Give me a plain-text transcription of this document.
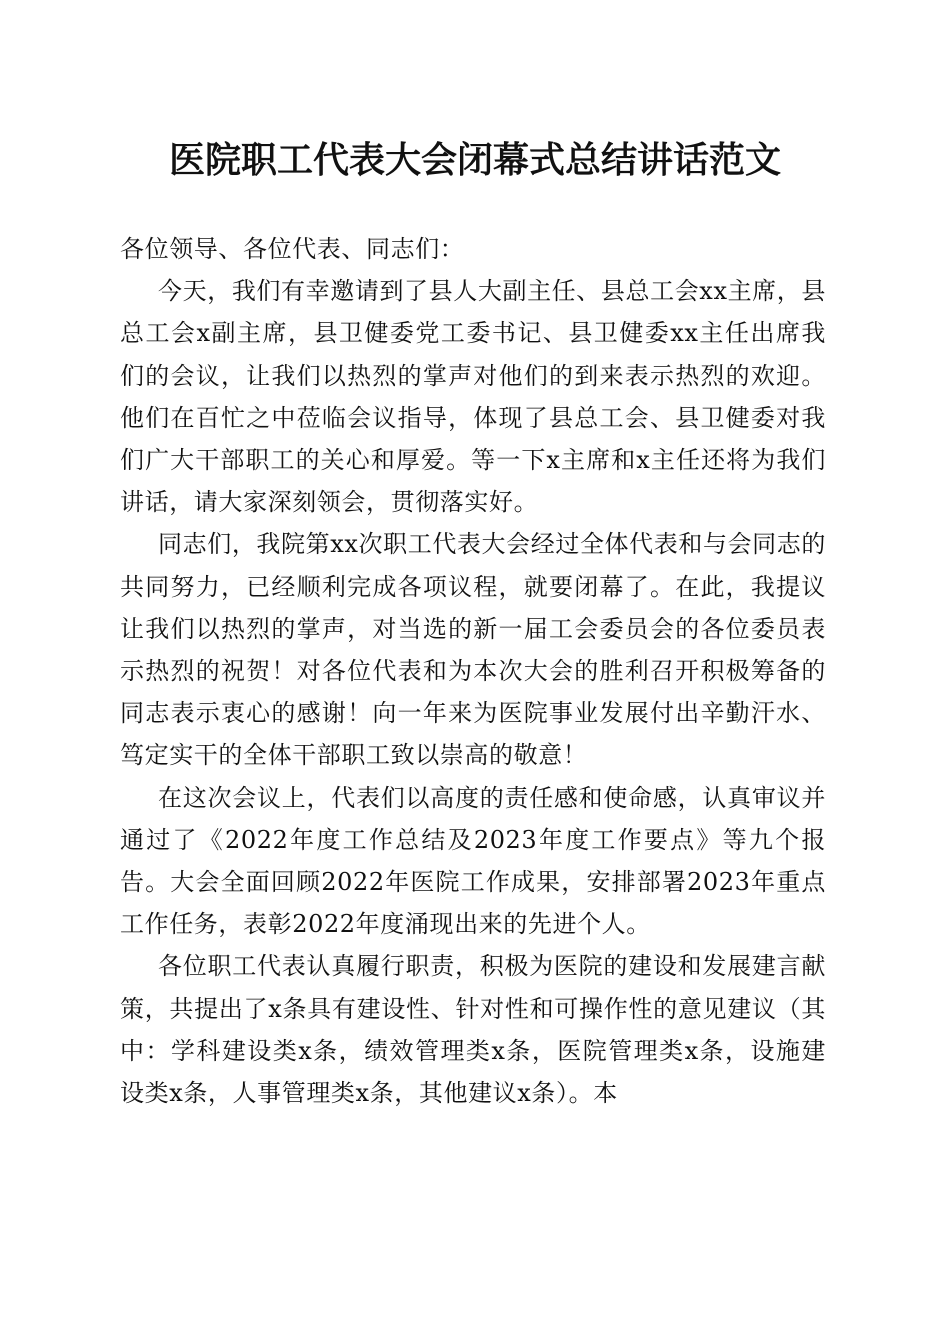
医院职工代表大会闭幕式总结讲话范文

各位领导、各位代表、同志们：

今天，我们有幸邀请到了县人大副主任、县总工会xx主席，县总工会x副主席，县卫健委党工委书记、县卫健委xx主任出席我们的会议，让我们以热烈的掌声对他们的到来表示热烈的欢迎。他们在百忙之中莅临会议指导，体现了县总工会、县卫健委对我们广大干部职工的关心和厚爱。等一下x主席和x主任还将为我们讲话，请大家深刻领会，贯彻落实好。

同志们，我院第xx次职工代表大会经过全体代表和与会同志的共同努力，已经顺利完成各项议程，就要闭幕了。在此，我提议让我们以热烈的掌声，对当选的新一届工会委员会的各位委员表示热烈的祝贺！对各位代表和为本次大会的胜利召开积极筹备的同志表示衷心的感谢！向一年来为医院事业发展付出辛勤汗水、笃定实干的全体干部职工致以崇高的敬意！

在这次会议上，代表们以高度的责任感和使命感，认真审议并通过了《2022年度工作总结及2023年度工作要点》等九个报告。大会全面回顾2022年医院工作成果，安排部署2023年重点工作任务，表彰2022年度涌现出来的先进个人。

各位职工代表认真履行职责，积极为医院的建设和发展建言献策，共提出了x条具有建设性、针对性和可操作性的意见建议（其中：学科建设类x条，绩效管理类x条，医院管理类x条，设施建设类x条，人事管理类x条，其他建议x条）。本
